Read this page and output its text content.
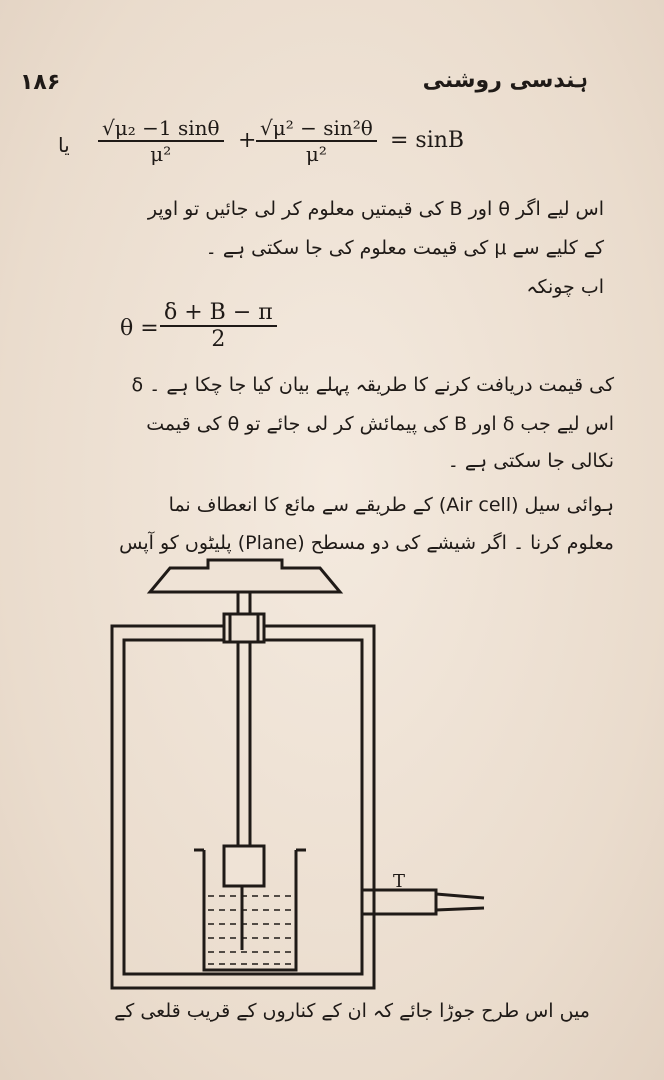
۱۸۶	ہندسی روشنی
یا $\frac{\text{√μ₂ −1 sinθ}}{\text{μ²}} + \frac{\text{√μ² − sin²θ}}{\text{μ²}} = \sin B$
اس لیے اگر θ اور B کی قیمتیں معلوم کر لی جائیں تو اوپر
کے کلیے سے μ کی قیمت معلوم کی جا سکتی ہے ۔
اب چونکہ
$\theta = \frac{\delta + B - \pi}{2}$
δ کی قیمت دریافت کرنے کا طریقہ پہلے بیان کیا جا چکا ہے ۔
اس لیے جب δ اور B کی پیمائش کر لی جائے تو θ کی قیمت
نکالی جا سکتی ہے ۔
ہوائی سیل (Air cell) کے طریقے سے مائع کا انعطاف نما
معلوم کرنا ۔ اگر شیشے کی دو مسطح (Plane) پلیٹوں کو آپس
T
میں اس طرح جوڑا جائے کہ ان کے کناروں کے قریب قلعی کے
